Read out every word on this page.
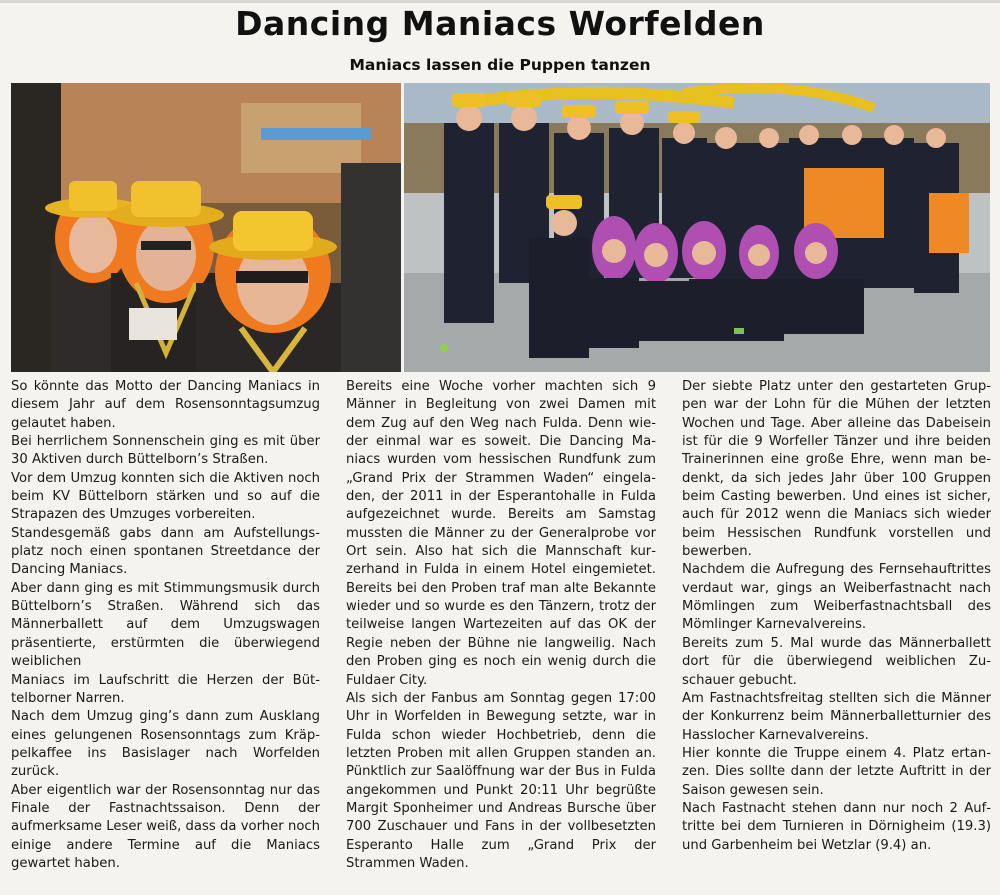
Dancing Maniacs Worfelden
Maniacs lassen die Puppen tanzen

So könnte das Motto der Dancing Maniacs in diesem Jahr auf dem Rosensonntagsumzug gelautet haben.

Bei herrlichem Sonnenschein ging es mit über 30 Aktiven durch Büttelborn’s Straßen.

Vor dem Umzug konnten sich die Aktiven noch beim KV Büttelborn stärken und so auf die Strapazen des Umzuges vorbereiten.

Standesgemäß gabs dann am Aufstellungsplatz noch einen spontanen Streetdance der Dancing Maniacs.

Aber dann ging es mit Stimmungsmusik durch Büttelborn’s Straßen. Während sich das Männerballett auf dem Umzugswagen präsentierte, erstürmten die überwiegend weiblichen

Maniacs im Laufschritt die Herzen der Büttelborner Narren.

Nach dem Umzug ging’s dann zum Ausklang eines gelungenen Rosensonntags zum Kräppelkaffee ins Basislager nach Worfelden zurück.

Aber eigentlich war der Rosensonntag nur das Finale der Fastnachtssaison. Denn der aufmerksame Leser weiß, dass da vorher noch einige andere Termine auf die Maniacs gewartet haben.

Bereits eine Woche vorher machten sich 9 Männer in Begleitung von zwei Damen mit dem Zug auf den Weg nach Fulda. Denn wieder einmal war es soweit. Die Dancing Maniacs wurden vom hessischen Rundfunk zum „Grand Prix der Strammen Waden“ eingeladen, der 2011 in der Esperantohalle in Fulda aufgezeichnet wurde. Bereits am Samstag mussten die Männer zu der Generalprobe vor Ort sein. Also hat sich die Mannschaft kurzerhand in Fulda in einem Hotel eingemietet. Bereits bei den Proben traf man alte Bekannte wieder und so wurde es den Tänzern, trotz der teilweise langen Wartezeiten auf das OK der Regie neben der Bühne nie langweilig. Nach den Proben ging es noch ein wenig durch die Fuldaer City.

Als sich der Fanbus am Sonntag gegen 17:00 Uhr in Worfelden in Bewegung setzte, war in Fulda schon wieder Hochbetrieb, denn die letzten Proben mit allen Gruppen standen an. Pünktlich zur Saalöffnung war der Bus in Fulda angekommen und Punkt 20:11 Uhr begrüßte Margit Sponheimer und Andreas Bursche über 700 Zuschauer und Fans in der vollbesetzten Esperanto Halle zum „Grand Prix der Strammen Waden.

Der siebte Platz unter den gestarteten Gruppen war der Lohn für die Mühen der letzten Wochen und Tage. Aber alleine das Dabeisein ist für die 9 Worfeller Tänzer und ihre beiden Trainerinnen eine große Ehre, wenn man bedenkt, da sich jedes Jahr über 100 Gruppen beim Casting bewerben. Und eines ist sicher, auch für 2012 wenn die Maniacs sich wieder beim Hessischen Rundfunk vorstellen und bewerben.

Nachdem die Aufregung des Fernsehauftrittes verdaut war, gings an Weiberfastnacht nach Mömlingen zum Weiberfastnachtsball des Mömlinger Karnevalvereins.

Bereits zum 5. Mal wurde das Männerballett dort für die überwiegend weiblichen Zuschauer gebucht.

Am Fastnachtsfreitag stellten sich die Männer der Konkurrenz beim Männerballetturnier des Hasslocher Karnevalvereins.

Hier konnte die Truppe einem 4. Platz ertanzen. Dies sollte dann der letzte Auftritt in der Saison gewesen sein.

Nach Fastnacht stehen dann nur noch 2 Auftritte bei dem Turnieren in Dörnigheim (19.3) und Garbenheim bei Wetzlar (9.4) an.
